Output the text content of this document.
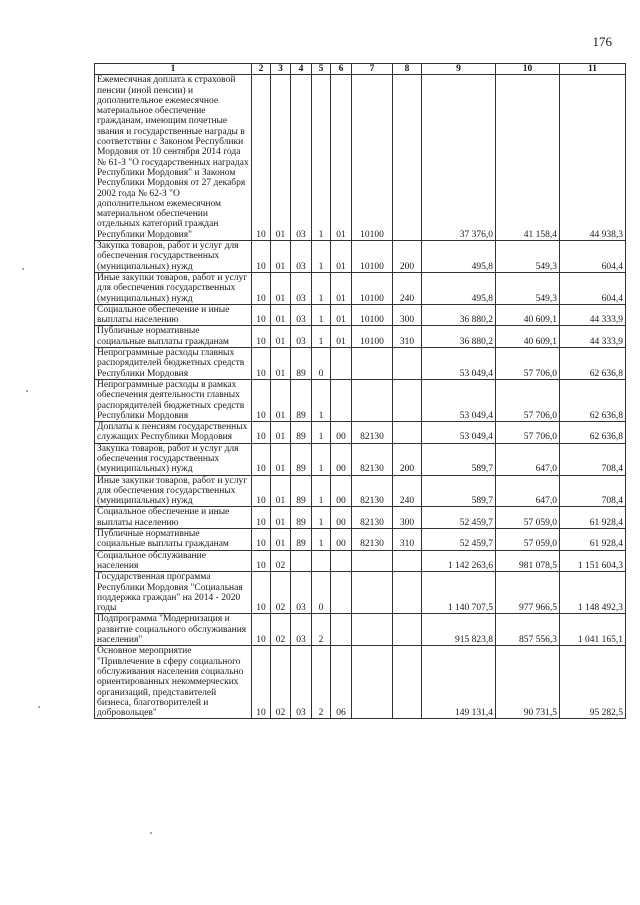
176
1	2	3	4	5	6	7	8	9	10	11
Ежемесячная доплата к страховой пенсии (иной пенсии) и дополнительное ежемесячное материальное обеспечение гражданам, имеющим почетные звания и государственные награды в соответствии с Законом Республики Мордовия от 10 сентября 2014 года № 61-З "О государственных наградах Республики Мордовия" и Законом Республики Мордовия от 27 декабря 2002 года № 62-З "О дополнительном ежемесячном материальном обеспечении отдельных категорий граждан Республики Мордовия"	10	01	03	1	01	10100		37 376,0	41 158,4	44 938,3
Закупка товаров, работ и услуг для обеспечения государственных (муниципальных) нужд	10	01	03	1	01	10100	200	495,8	549,3	604,4
Иные закупки товаров, работ и услуг для обеспечения государственных (муниципальных) нужд	10	01	03	1	01	10100	240	495,8	549,3	604,4
Социальное обеспечение и иные выплаты населению	10	01	03	1	01	10100	300	36 880,2	40 609,1	44 333,9
Публичные нормативные социальные выплаты гражданам	10	01	03	1	01	10100	310	36 880,2	40 609,1	44 333,9
Непрограммные расходы главных распорядителей бюджетных средств Республики Мордовия	10	01	89	0				53 049,4	57 706,0	62 636,8
Непрограммные расходы в рамках обеспечения деятельности главных распорядителей бюджетных средств Республики Мордовия	10	01	89	1				53 049,4	57 706,0	62 636,8
Доплаты к пенсиям государственных служащих Республики Мордовия	10	01	89	1	00	82130		53 049,4	57 706,0	62 636,8
Закупка товаров, работ и услуг для обеспечения государственных (муниципальных) нужд	10	01	89	1	00	82130	200	589,7	647,0	708,4
Иные закупки товаров, работ и услуг для обеспечения государственных (муниципальных) нужд	10	01	89	1	00	82130	240	589,7	647,0	708,4
Социальное обеспечение и иные выплаты населению	10	01	89	1	00	82130	300	52 459,7	57 059,0	61 928,4
Публичные нормативные социальные выплаты гражданам	10	01	89	1	00	82130	310	52 459,7	57 059,0	61 928,4
Социальное обслуживание населения	10	02						1 142 263,6	981 078,5	1 151 604,3
Государственная программа Республики Мордовия "Социальная поддержка граждан" на 2014 - 2020 годы	10	02	03	0				1 140 707,5	977 966,5	1 148 492,3
Подпрограмма "Модернизация и развитие социального обслуживания населения"	10	02	03	2				915 823,8	857 556,3	1 041 165,1
Основное мероприятие "Привлечение в сферу социального обслуживания населения социально ориентированных некоммерческих организаций, представителей бизнеса, благотворителей и добровольцев"	10	02	03	2	06			149 131,4	90 731,5	95 282,5
